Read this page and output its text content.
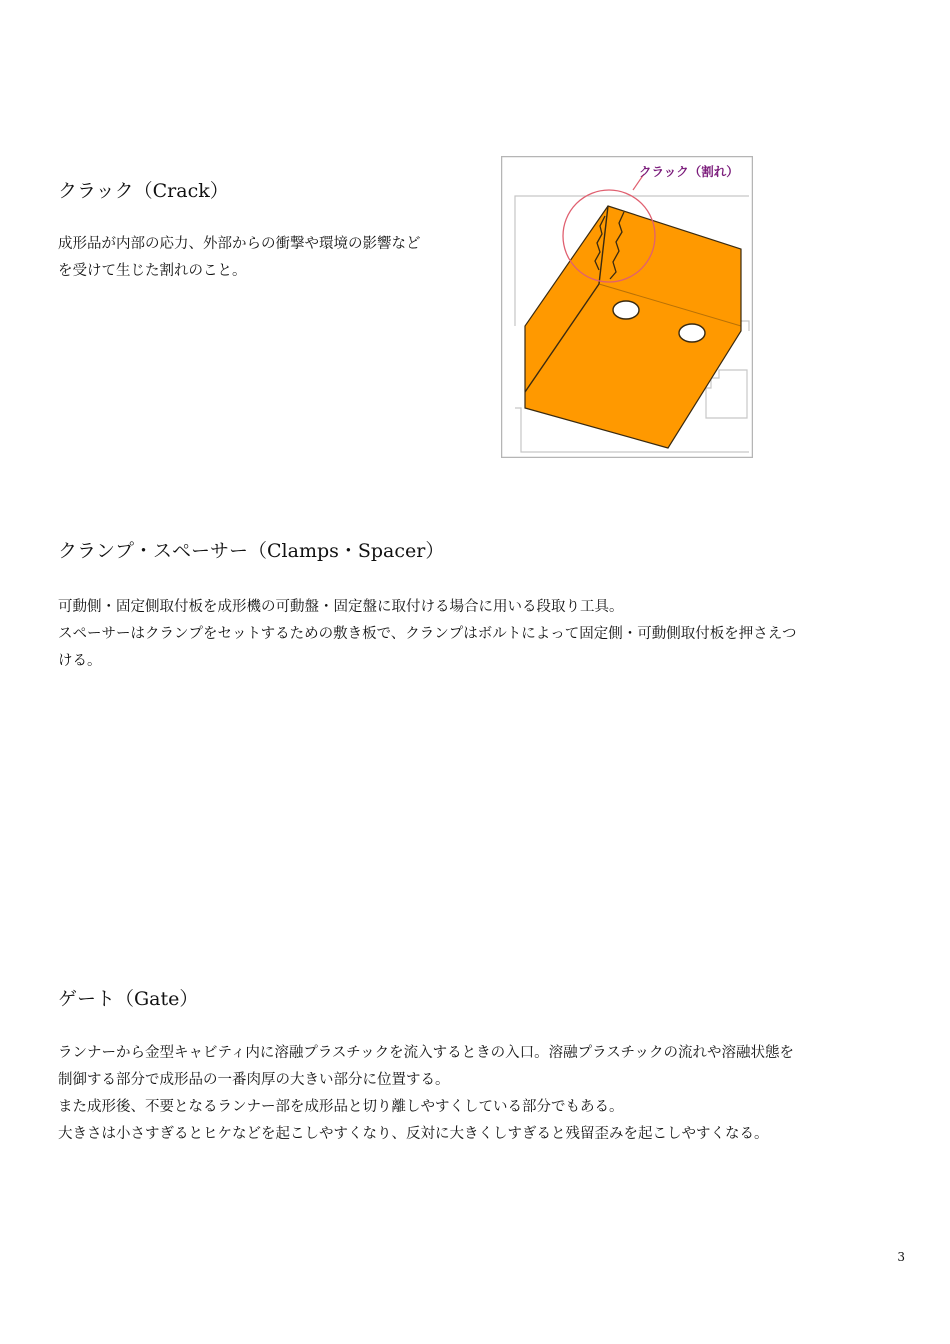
クラック（Crack）

成形品が内部の応力、外部からの衝撃や環境の影響など
を受けて生じた割れのこと。

クラック（割れ）
クランプ・スペーサー（Clamps・Spacer）

可動側・固定側取付板を成形機の可動盤・固定盤に取付ける場合に用いる段取り工具。
スペーサーはクランプをセットするための敷き板で、クランプはボルトによって固定側・可動側取付板を押さえつ
ける。

ゲート（Gate）

ランナーから金型キャビティ内に溶融プラスチックを流入するときの入口。溶融プラスチックの流れや溶融状態を
制御する部分で成形品の一番肉厚の大きい部分に位置する。
また成形後、不要となるランナー部を成形品と切り離しやすくしている部分でもある。
大きさは小さすぎるとヒケなどを起こしやすくなり、反対に大きくしすぎると残留歪みを起こしやすくなる。

3
